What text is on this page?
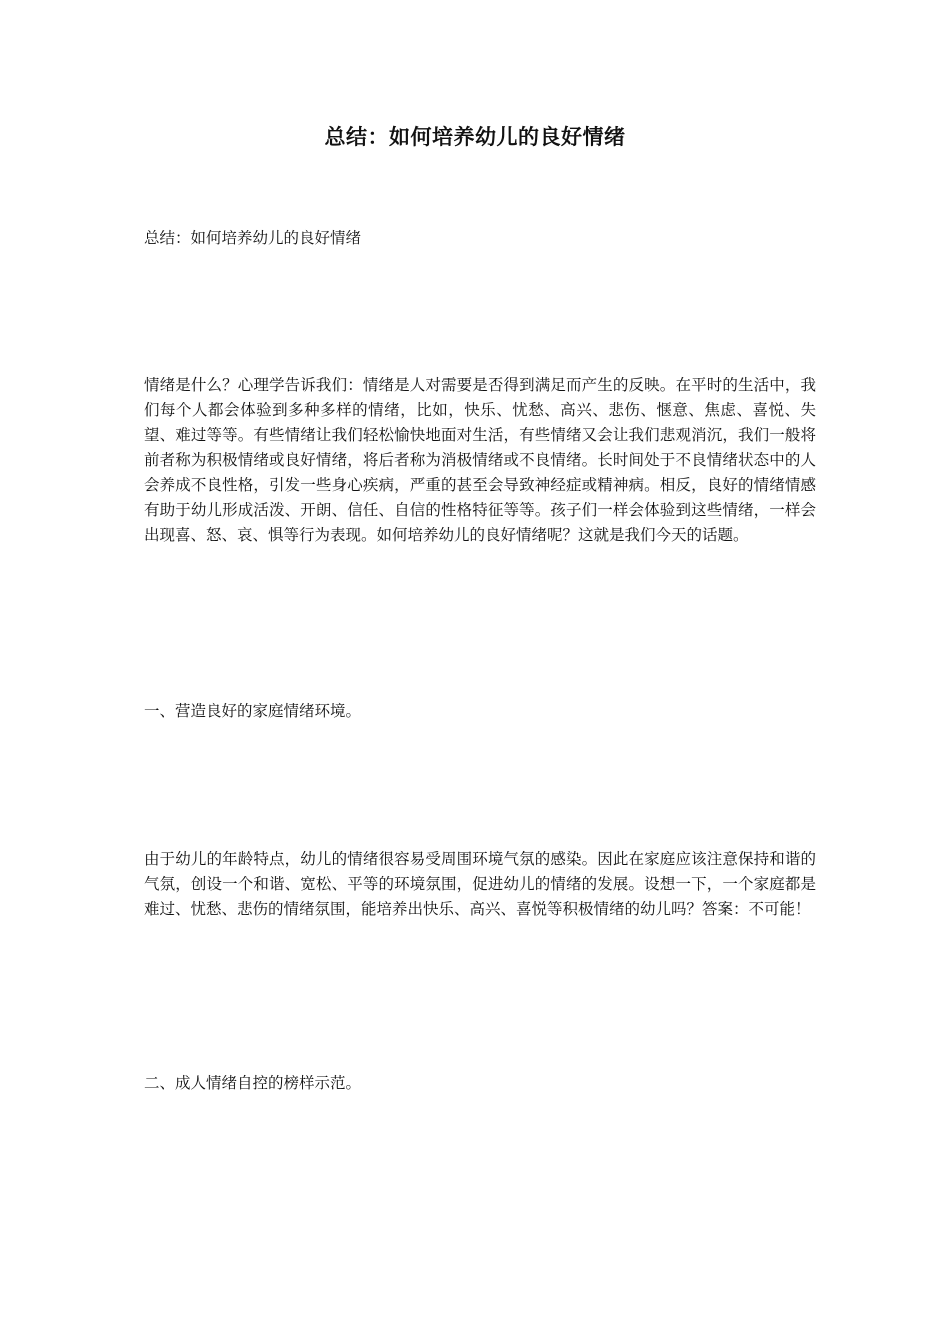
总结：如何培养幼儿的良好情绪

总结：如何培养幼儿的良好情绪

情绪是什么？心理学告诉我们：情绪是人对需要是否得到满足而产生的反映。在平时的生活中，我们每个人都会体验到多种多样的情绪，比如，快乐、忧愁、高兴、悲伤、惬意、焦虑、喜悦、失望、难过等等。有些情绪让我们轻松愉快地面对生活，有些情绪又会让我们悲观消沉，我们一般将前者称为积极情绪或良好情绪，将后者称为消极情绪或不良情绪。长时间处于不良情绪状态中的人会养成不良性格，引发一些身心疾病，严重的甚至会导致神经症或精神病。相反，良好的情绪情感有助于幼儿形成活泼、开朗、信任、自信的性格特征等等。孩子们一样会体验到这些情绪，一样会出现喜、怒、哀、惧等行为表现。如何培养幼儿的良好情绪呢？这就是我们今天的话题。

一、营造良好的家庭情绪环境。

由于幼儿的年龄特点，幼儿的情绪很容易受周围环境气氛的感染。因此在家庭应该注意保持和谐的气氛，创设一个和谐、宽松、平等的环境氛围，促进幼儿的情绪的发展。设想一下，一个家庭都是难过、忧愁、悲伤的情绪氛围，能培养出快乐、高兴、喜悦等积极情绪的幼儿吗？答案：不可能！

二、成人情绪自控的榜样示范。
